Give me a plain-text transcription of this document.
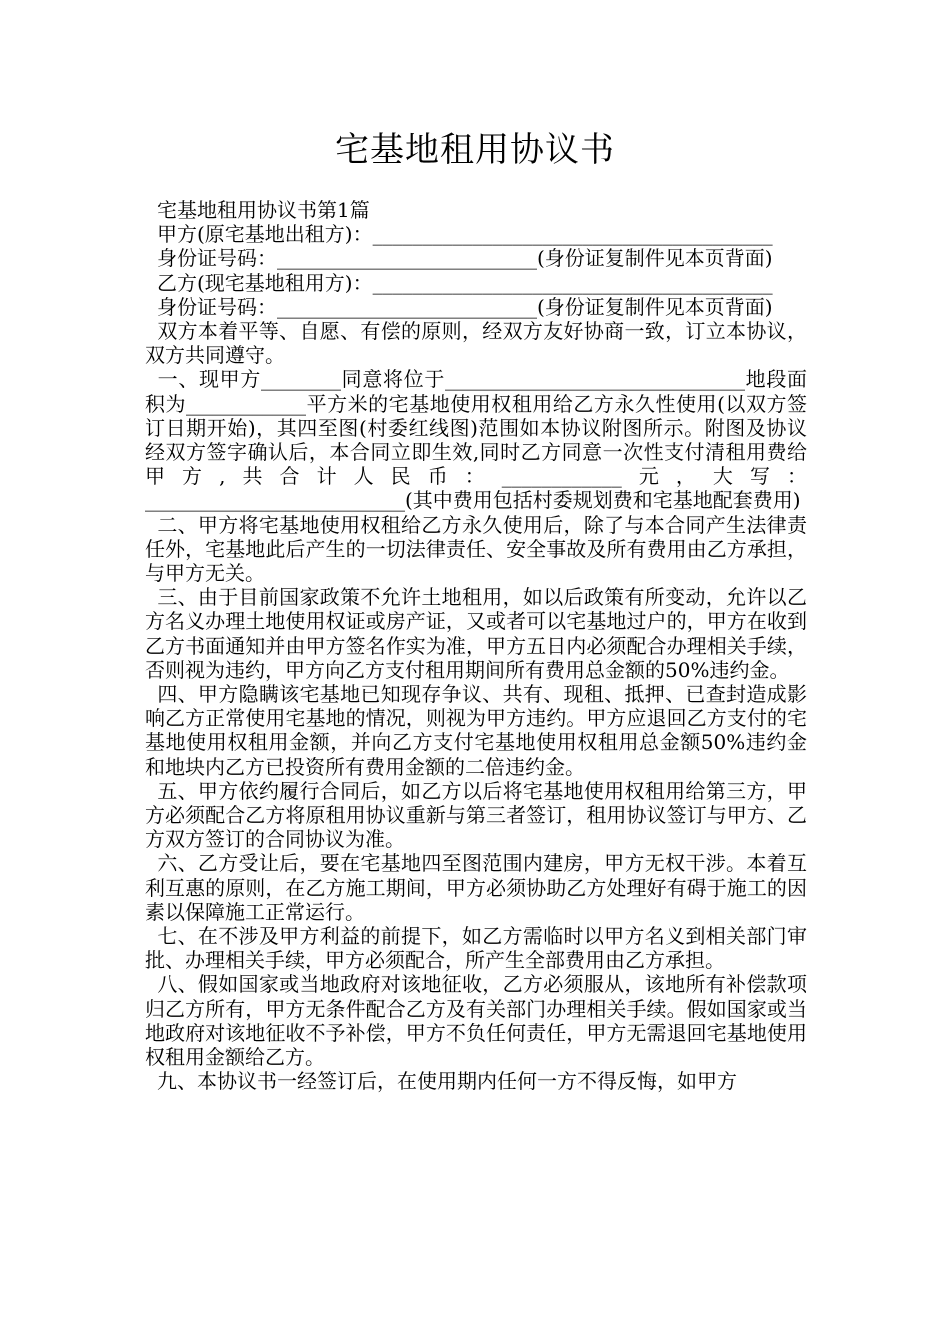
宅基地租用协议书
宅基地租用协议书第1篇
甲方(原宅基地出租方)：________________________________________
身份证号码：__________________________(身份证复制件见本页背面)
乙方(现宅基地租用方)：________________________________________
身份证号码：__________________________(身份证复制件见本页背面)

双方本着平等、自愿、有偿的原则，经双方友好协商一致，订立本协议，双方共同遵守。

一、现甲方________同意将位于______________________________地段面积为____________平方米的宅基地使用权租用给乙方永久性使用(以双方签订日期开始)，其四至图(村委红线图)范围如本协议附图所示。附图及协议经双方签字确认后，本合同立即生效,同时乙方同意一次性支付清租用费给甲方,共合计人民币：____________元，大写：__________________________(其中费用包括村委规划费和宅基地配套费用)

二、甲方将宅基地使用权租给乙方永久使用后，除了与本合同产生法律责任外，宅基地此后产生的一切法律责任、安全事故及所有费用由乙方承担，与甲方无关。

三、由于目前国家政策不允许土地租用，如以后政策有所变动，允许以乙方名义办理土地使用权证或房产证，又或者可以宅基地过户的，甲方在收到乙方书面通知并由甲方签名作实为准，甲方五日内必须配合办理相关手续，否则视为违约，甲方向乙方支付租用期间所有费用总金额的50%违约金。

四、甲方隐瞒该宅基地已知现存争议、共有、现租、抵押、已查封造成影响乙方正常使用宅基地的情况，则视为甲方违约。甲方应退回乙方支付的宅基地使用权租用金额，并向乙方支付宅基地使用权租用总金额50%违约金和地块内乙方已投资所有费用金额的二倍违约金。

五、甲方依约履行合同后，如乙方以后将宅基地使用权租用给第三方，甲方必须配合乙方将原租用协议重新与第三者签订，租用协议签订与甲方、乙方双方签订的合同协议为准。

六、乙方受让后，要在宅基地四至图范围内建房，甲方无权干涉。本着互利互惠的原则，在乙方施工期间，甲方必须协助乙方处理好有碍于施工的因素以保障施工正常运行。

七、在不涉及甲方利益的前提下，如乙方需临时以甲方名义到相关部门审批、办理相关手续，甲方必须配合，所产生全部费用由乙方承担。

八、假如国家或当地政府对该地征收，乙方必须服从，该地所有补偿款项归乙方所有，甲方无条件配合乙方及有关部门办理相关手续。假如国家或当地政府对该地征收不予补偿，甲方不负任何责任，甲方无需退回宅基地使用权租用金额给乙方。

九、本协议书一经签订后，在使用期内任何一方不得反悔，如甲方
